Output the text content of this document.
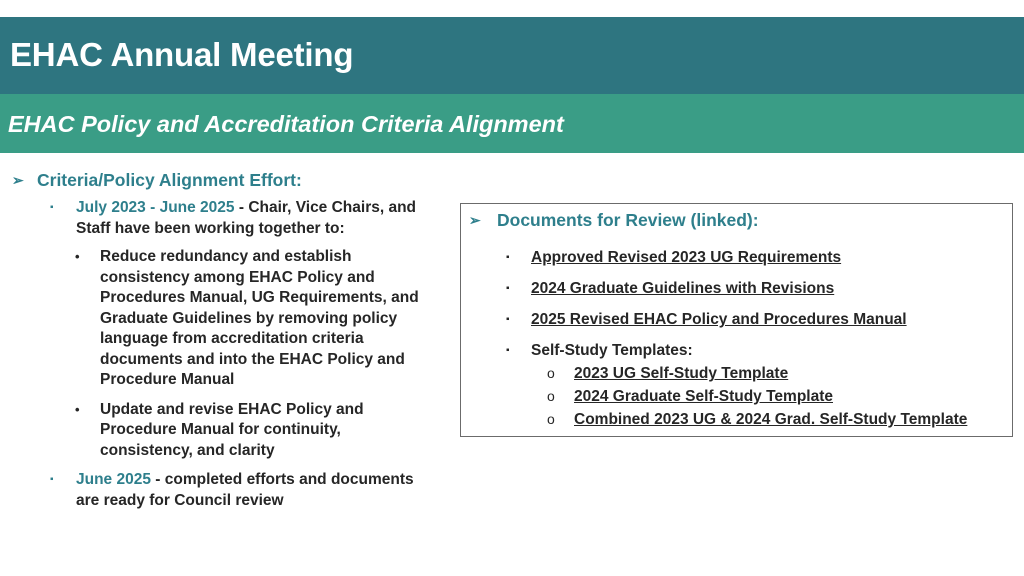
EHAC Annual Meeting
EHAC Policy and Accreditation Criteria Alignment
➢ Criteria/Policy Alignment Effort:
▪	July 2023 - June 2025 - Chair, Vice Chairs, and Staff have been working together to:
•	Reduce redundancy and establish consistency among EHAC Policy and Procedures Manual, UG Requirements, and Graduate Guidelines by removing policy language from accreditation criteria documents and into the EHAC Policy and Procedure Manual
•	Update and revise EHAC Policy and Procedure Manual for continuity, consistency, and clarity
▪	June 2025 - completed efforts and documents are ready for Council review
➢ Documents for Review (linked):
▪	Approved Revised 2023 UG Requirements
▪	2024 Graduate Guidelines with Revisions
▪	2025 Revised EHAC Policy and Procedures Manual
▪	Self-Study Templates:
o	2023 UG Self-Study Template
o	2024 Graduate Self-Study Template
o	Combined 2023 UG & 2024 Grad. Self-Study Template
